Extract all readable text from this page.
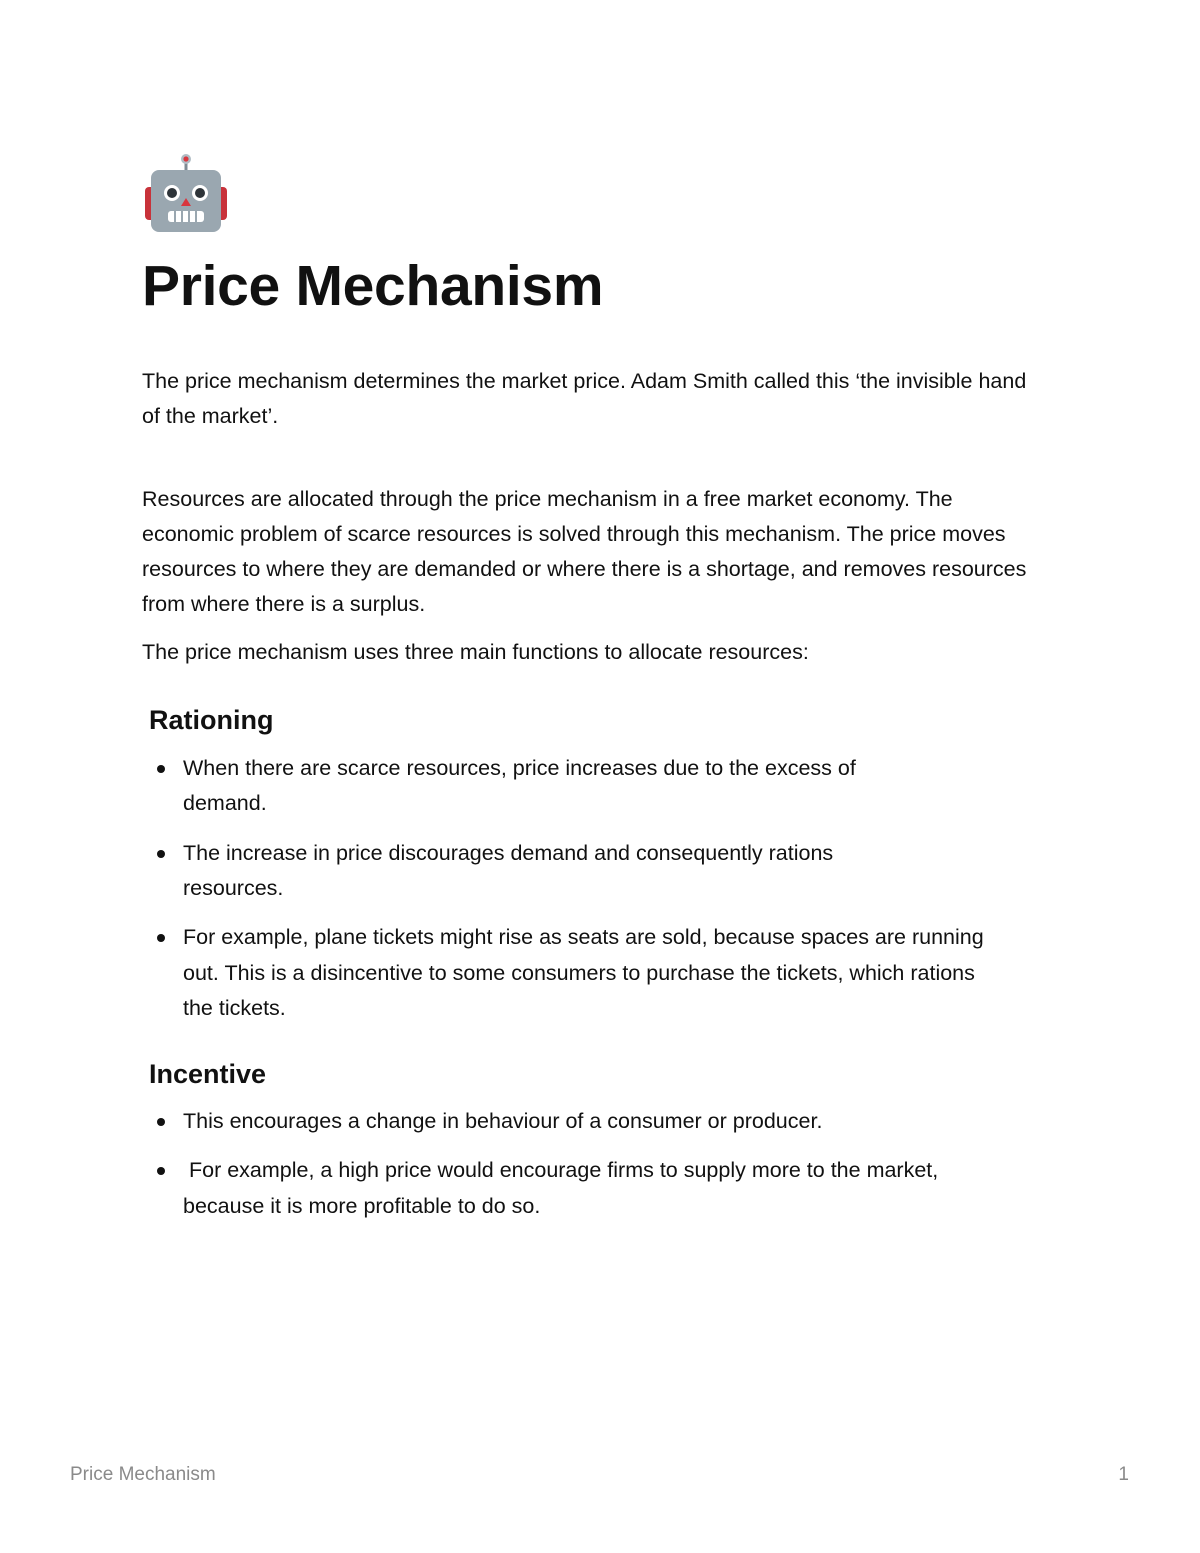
Price Mechanism

The price mechanism determines the market price. Adam Smith called this ‘the invisible hand of the market’.

Resources are allocated through the price mechanism in a free market economy. The economic problem of scarce resources is solved through this mechanism. The price moves resources to where they are demanded or where there is a shortage, and removes resources from where there is a surplus.

The price mechanism uses three main functions to allocate resources:

Rationing
When there are scarce resources, price increases due to the excess of demand.
The increase in price discourages demand and consequently rations resources.
For example, plane tickets might rise as seats are sold, because spaces are running out. This is a disincentive to some consumers to purchase the tickets, which rations the tickets.
Incentive
This encourages a change in behaviour of a consumer or producer.
For example, a high price would encourage firms to supply more to the market, because it is more profitable to do so.
Price Mechanism	1
